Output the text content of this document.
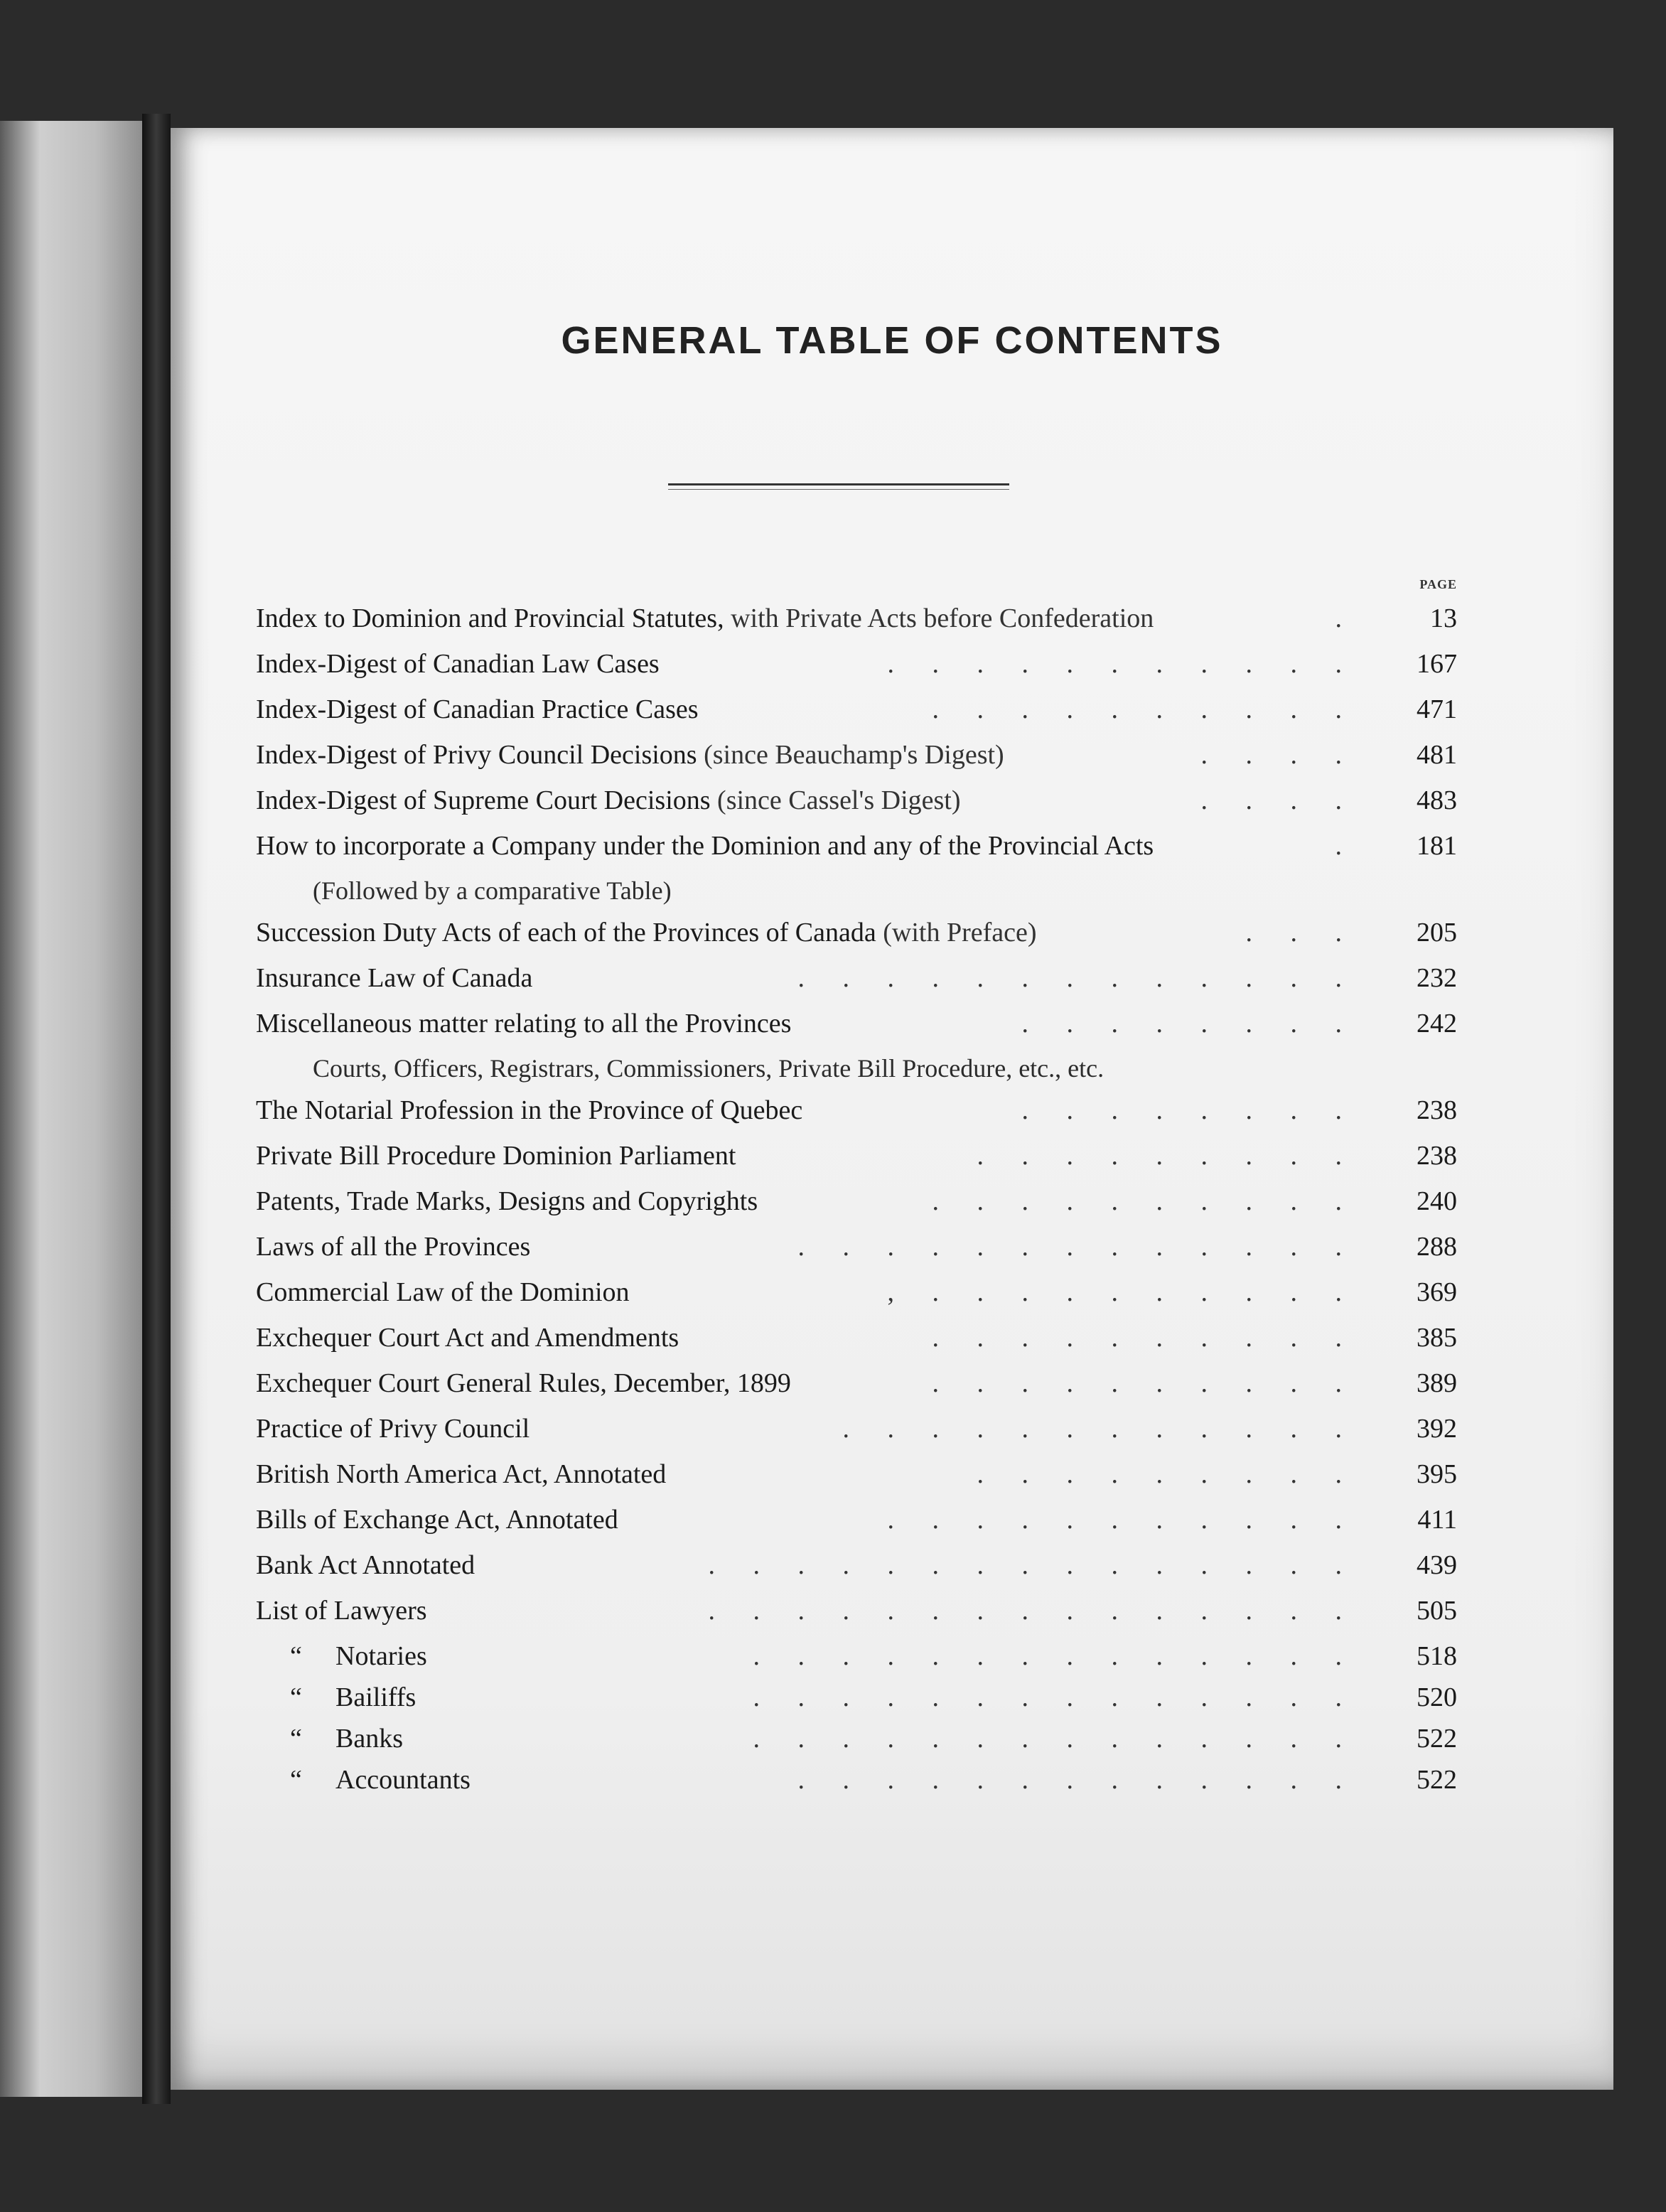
GENERAL TABLE OF CONTENTS
PAGE
Index to Dominion and Provincial Statutes, with Private Acts before Confederation	.	13
Index-Digest of Canadian Law Cases	. . . . . . . . . . .	167
Index-Digest of Canadian Practice Cases	. . . . . . . . . .	471
Index-Digest of Privy Council Decisions (since Beauchamp's Digest)	. . . .	481
Index-Digest of Supreme Court Decisions (since Cassel's Digest)	. . . .	483
How to incorporate a Company under the Dominion and any of the Provincial Acts	.	181
(Followed by a comparative Table)
Succession Duty Acts of each of the Provinces of Canada (with Preface)	. . .	205
Insurance Law of Canada	. . . . . . . . . . . . .	232
Miscellaneous matter relating to all the Provinces	. . . . . . . .	242
Courts, Officers, Registrars, Commissioners, Private Bill Procedure, etc., etc.
The Notarial Profession in the Province of Quebec	. . . . . . . .	238
Private Bill Procedure Dominion Parliament	. . . . . . . . .	238
Patents, Trade Marks, Designs and Copyrights	. . . . . . . . . .	240
Laws of all the Provinces	. . . . . . . . . . . . .	288
Commercial Law of the Dominion	, . . . . . . . . . .	369
Exchequer Court Act and Amendments	. . . . . . . . . .	385
Exchequer Court General Rules, December, 1899	. . . . . . . . . .	389
Practice of Privy Council	. . . . . . . . . . . .	392
British North America Act, Annotated	. . . . . . . . .	395
Bills of Exchange Act, Annotated	. . . . . . . . . . .	411
Bank Act Annotated	. . . . . . . . . . . . . . .	439
List of Lawyers	. . . . . . . . . . . . . . .	505
“ Notaries	. . . . . . . . . . . . . .	518
“ Bailiffs	. . . . . . . . . . . . . .	520
“ Banks	. . . . . . . . . . . . . .	522
“ Accountants	. . . . . . . . . . . . .	522
